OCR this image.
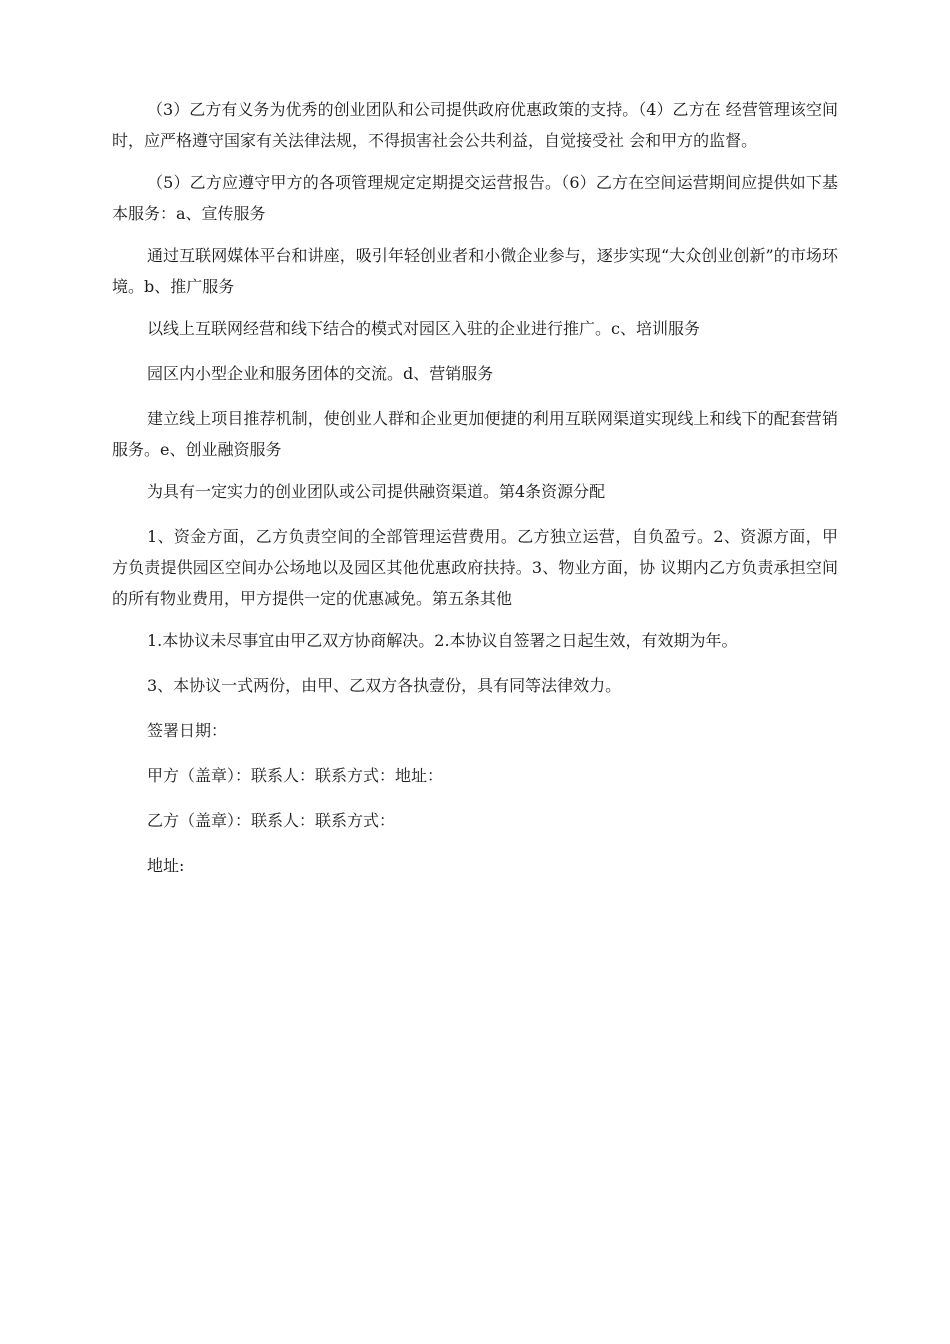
（3）乙方有义务为优秀的创业团队和公司提供政府优惠政策的支持。（4）乙方在 经营管理该空间时，应严格遵守国家有关法律法规，不得损害社会公共利益，自觉接受社 会和甲方的监督。

（5）乙方应遵守甲方的各项管理规定定期提交运营报告。（6）乙方在空间运营期间应提供如下基本服务：a、宣传服务

通过互联网媒体平台和讲座，吸引年轻创业者和小微企业参与，逐步实现“大众创业创新”的市场环境。b、推广服务

以线上互联网经营和线下结合的模式对园区入驻的企业进行推广。c、培训服务

园区内小型企业和服务团体的交流。d、营销服务

建立线上项目推荐机制，使创业人群和企业更加便捷的利用互联网渠道实现线上和线下的配套营销服务。e、创业融资服务

为具有一定实力的创业团队或公司提供融资渠道。第4条资源分配

1、资金方面，乙方负责空间的全部管理运营费用。乙方独立运营，自负盈亏。2、资源方面，甲方负责提供园区空间办公场地以及园区其他优惠政府扶持。3、物业方面，协 议期内乙方负责承担空间的所有物业费用，甲方提供一定的优惠减免。第五条其他

1.本协议未尽事宜由甲乙双方协商解决。2.本协议自签署之日起生效，有效期为年。

3、本协议一式两份，由甲、乙双方各执壹份，具有同等法律效力。

签署日期：

甲方（盖章）：联系人：联系方式：地址：

乙方（盖章）：联系人：联系方式：

地址:
